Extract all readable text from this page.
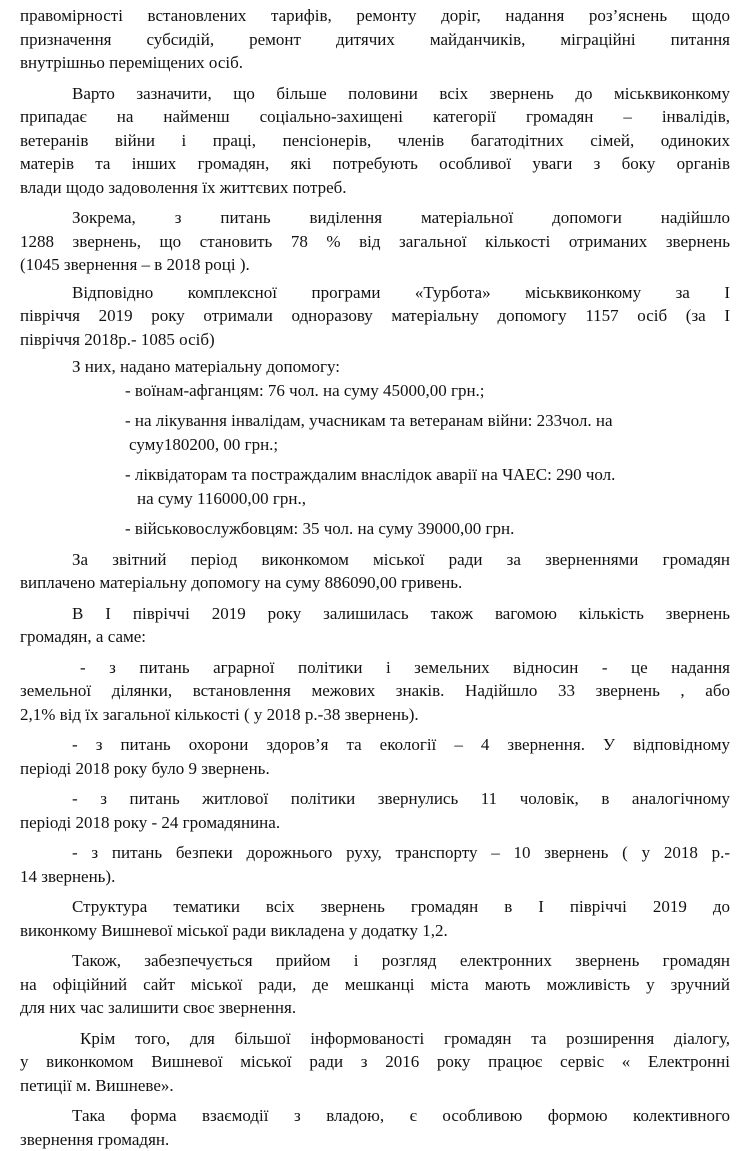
правомірності встановлених тарифів, ремонту доріг, надання роз’яснень щодо
призначення субсидій, ремонт дитячих майданчиків, міграційні питання
внутрішньо переміщених осіб.
Варто зазначити, що більше половини всіх звернень до міськвиконкому
припадає на найменш соціально-захищені категорії громадян – інвалідів,
ветеранів війни і праці, пенсіонерів, членів багатодітних сімей, одиноких
матерів та інших громадян, які потребують особливої уваги з боку органів
влади щодо задоволення їх життєвих потреб.
Зокрема, з питань виділення матеріальної допомоги надійшло
1288 звернень, що становить 78 % від загальної кількості отриманих звернень
(1045 звернення – в 2018 році ).
Відповідно комплексної програми «Турбота» міськвиконкому за І
півріччя 2019 року отримали одноразову матеріальну допомогу 1157 осіб (за І
півріччя 2018р.- 1085 осіб)
З них, надано матеріальну допомогу:
- воїнам-афганцям: 76 чол. на суму 45000,00 грн.;
- на лікування інвалідам, учасникам та ветеранам війни: 233чол. на
суму180200, 00 грн.;
- ліквідаторам та постраждалим внаслідок аварії на ЧАЕС: 290 чол.
на суму 116000,00 грн.,
- військовослужбовцям: 35 чол. на суму 39000,00 грн.
За звітний період виконкомом міської ради за зверненнями громадян
виплачено матеріальну допомогу на суму 886090,00 гривень.
В І півріччі 2019 року залишилась також вагомою кількість звернень
громадян, а саме:
- з питань аграрної політики і земельних відносин - це надання
земельної ділянки, встановлення межових знаків. Надійшло 33 звернень , або
2,1% від їх загальної кількості ( у 2018 р.-38 звернень).
- з питань охорони здоров’я та екології – 4 звернення. У відповідному
періоді 2018 року було 9 звернень.
- з питань житлової політики звернулись 11 чоловік, в аналогічному
періоді 2018 року - 24 громадянина.
- з питань безпеки дорожнього руху, транспорту – 10 звернень ( у 2018 р.-
14 звернень).
Структура тематики всіх звернень громадян в І півріччі 2019 до
виконкому Вишневої міської ради викладена у додатку 1,2.
Також, забезпечується прийом і розгляд електронних звернень громадян
на офіційний сайт міської ради, де мешканці міста мають можливість у зручний
для них час залишити своє звернення.
Крім того, для більшої інформованості громадян та розширення діалогу,
у виконкомом Вишневої міської ради з 2016 року працює сервіс « Електронні
петиції м. Вишневе».
Така форма взаємодії з владою, є особливою формою колективного
звернення громадян.
